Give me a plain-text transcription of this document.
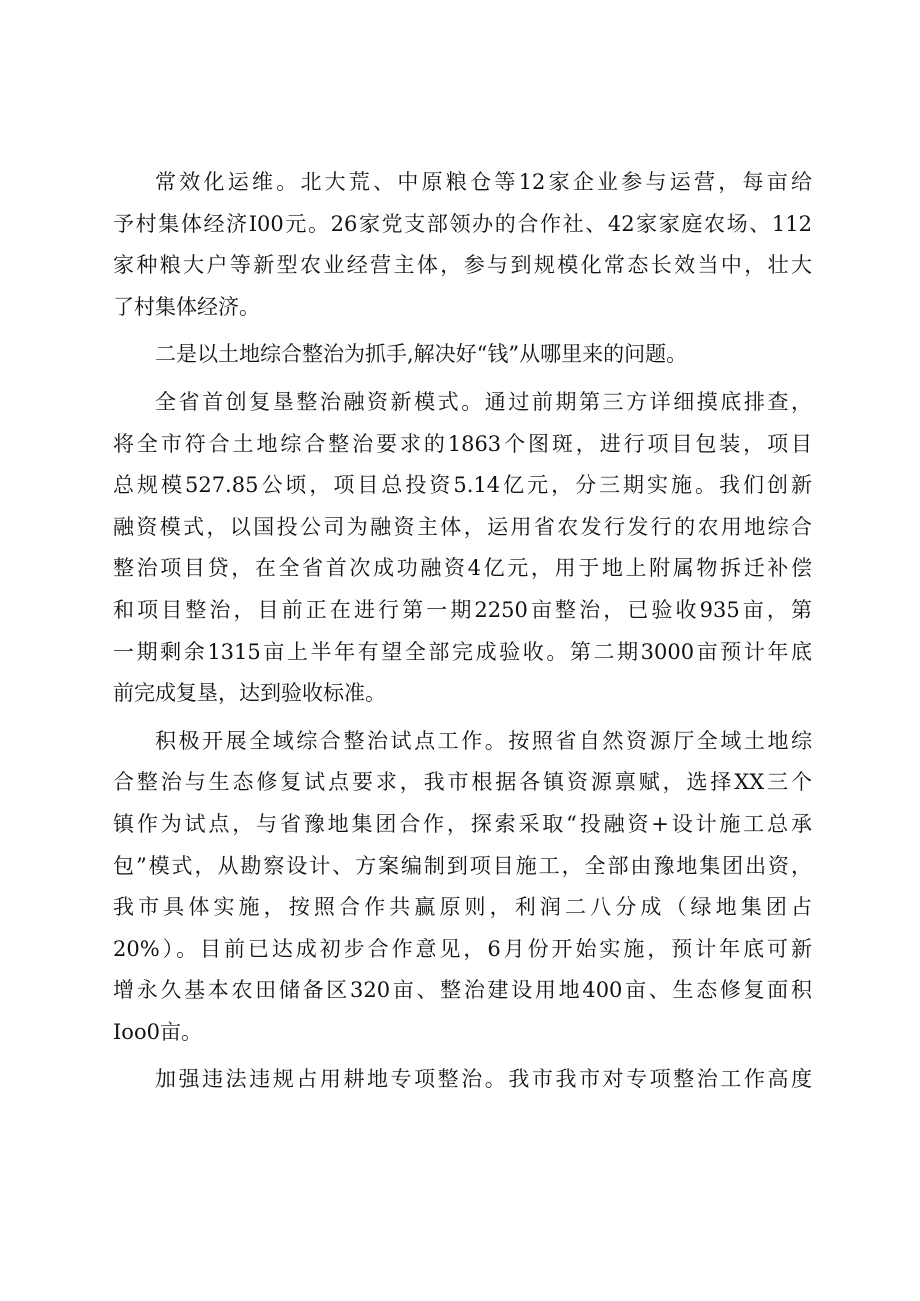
常效化运维。北大荒、中原粮仓等12家企业参与运营，每亩给
予村集体经济I00元。26家党支部领办的合作社、42家家庭农场、112
家种粮大户等新型农业经营主体，参与到规模化常态长效当中，壮大
了村集体经济。
二是以土地综合整治为抓手,解决好“钱”从哪里来的问题。
全省首创复垦整治融资新模式。通过前期第三方详细摸底排查，
将全市符合土地综合整治要求的1863个图斑，进行项目包装，项目
总规模527.85公顷，项目总投资5.14亿元，分三期实施。我们创新
融资模式，以国投公司为融资主体，运用省农发行发行的农用地综合
整治项目贷，在全省首次成功融资4亿元，用于地上附属物拆迁补偿
和项目整治，目前正在进行第一期2250亩整治，已验收935亩，第
一期剩余1315亩上半年有望全部完成验收。第二期3000亩预计年底
前完成复垦，达到验收标准。
积极开展全域综合整治试点工作。按照省自然资源厅全域土地综
合整治与生态修复试点要求，我市根据各镇资源禀赋，选择XX三个
镇作为试点，与省豫地集团合作，探索采取“投融资+设计施工总承
包”模式，从勘察设计、方案编制到项目施工，全部由豫地集团出资，
我市具体实施，按照合作共赢原则，利润二八分成（绿地集团占
20%）。目前已达成初步合作意见，6月份开始实施，预计年底可新
增永久基本农田储备区320亩、整治建设用地400亩、生态修复面积
Ioo0亩。
加强违法违规占用耕地专项整治。我市我市对专项整治工作高度
